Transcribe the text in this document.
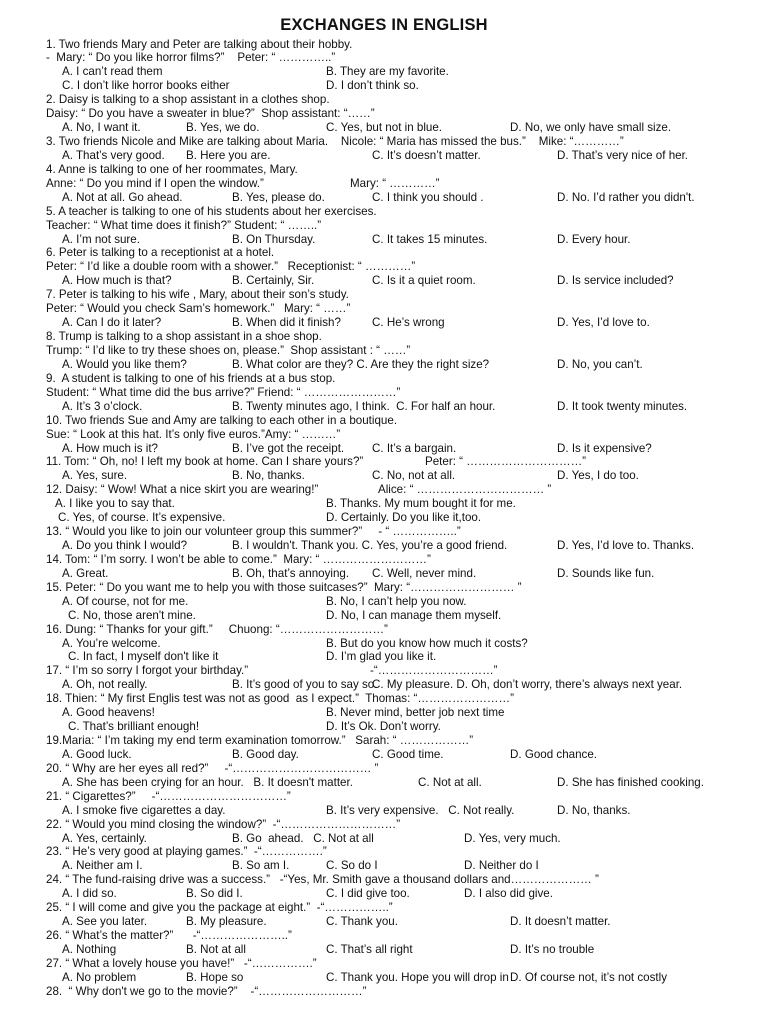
EXCHANGES IN ENGLISH
1. Two friends Mary and Peter are talking about their hobby.
-  Mary: “ Do you like horror films?”    Peter: “ …………..”
A. I can’t read them	B. They are my favorite.
C. I don’t like horror books either	D. I don’t think so.
2. Daisy is talking to a shop assistant in a clothes shop.
Daisy: “ Do you have a sweater in blue?”  Shop assistant: “……”
A. No, I want it.	B. Yes, we do.	C. Yes, but not in blue.	D. No, we only have small size.
3. Two friends Nicole and Mike are talking about Maria.    Nicole: “ Maria has missed the bus.”    Mike: “…………”
A. That’s very good. B. Here you are.	C. It’s doesn’t matter.	D. That’s very nice of her.
4. Anne is talking to one of her roommates, Mary.
Anne: “ Do you mind if I open the window.”	Mary: “ …………”
A. Not at all. Go ahead.	B. Yes, please do.	C. I think you should .	D. No. I’d rather you didn't.
5. A teacher is talking to one of his students about her exercises.
Teacher: “ What time does it finish?” Student: “ ……..”
A. I’m not sure.	B. On Thursday.	C. It takes 15 minutes.	D. Every hour.
6. Peter is talking to a receptionist at a hotel.
Peter: “ I’d like a double room with a shower.”   Receptionist: “ …………”
A. How much is that?	B. Certainly, Sir.	C. Is it a quiet room.	D. Is service included?
7. Peter is talking to his wife , Mary, about their son’s study.
Peter: “ Would you check Sam’s homework.”   Mary: “ ……”
A. Can I do it later?	B. When did it finish?	C. He’s wrong	D. Yes, I’d love to.
8. Trump is talking to a shop assistant in a shoe shop.
Trump: “ I’d like to try these shoes on, please.”  Shop assistant : “ ……”
A. Would you like them?	B. What color are they? C. Are they the right size?	D. No, you can’t.
9.  A student is talking to one of his friends at a bus stop.
Student: “ What time did the bus arrive?” Friend: “ ……………………”
A. It’s 3 o’clock.	B. Twenty minutes ago, I think.  C. For half an hour.	D. It took twenty minutes.
10. Two friends Sue and Amy are talking to each other in a boutique.
Sue: “ Look at this hat. It’s only five euros.”Amy: “ ………”
A. How much is it?	B. I’ve got the receipt. C. It’s a bargain.	D. Is it expensive?
11. Tom: “ Oh, no! I left my book at home. Can I share yours?”	Peter: “ …………………………”
A. Yes, sure.	B. No, thanks.	C. No, not at all.	D. Yes, I do too.
12. Daisy: “ Wow! What a nice skirt you are wearing!”	Alice: “ …………………………… ”
A. I like you to say that.	B. Thanks. My mum bought it for me.
C. Yes, of course. It’s expensive.	D. Certainly. Do you like it,too.
13. “ Would you like to join our volunteer group this summer?”     - “ ……………..”
A. Do you think I would?	B. I wouldn't. Thank you. C. Yes, you’re a good friend.	D. Yes, I’d love to. Thanks.
14. Tom: “ I’m sorry. I won’t be able to come.”  Mary: “ ………………………”
A. Great.	B. Oh, that’s annoying. C. Well, never mind.	D. Sounds like fun.
15. Peter: “ Do you want me to help you with those suitcases?”  Mary: “……………………… ”
A. Of course, not for me.	B. No, I can’t help you now.
C. No, those aren't mine.	D. No, I can manage them myself.
16. Dung: “ Thanks for your gift.”     Chuong: “………………………”
A. You’re welcome.	B. But do you know how much it costs?
C. In fact, I myself don't like it	D. I’m glad you like it.
17. “ I’m so sorry I forgot your birthday.”	-“…………………………”
A. Oh, not really.	B. It’s good of you to say so.
C. My pleasure. D. Oh, don’t worry, there’s always next year.
18. Thien: “ My first Englis test was not as good  as I expect.”  Thomas: “……………………”
A. Good heavens!	B. Never mind, better job next time
C. That’s brilliant enough!	D. It’s Ok. Don’t worry.
19.Maria: “ I’m taking my end term examination tomorrow.”   Sarah: “ ………………”
A. Good luck.	B. Good day.	C. Good time.	D. Good chance.
20. “ Why are her eyes all red?”     -“……………………………… ”
A. She has been crying for an hour.   B. It doesn't matter.	C. Not at all.	D. She has finished cooking.
21. “ Cigarettes?”     -“……………………………”
A. I smoke five cigarettes a day.	B. It’s very expensive.   C. Not really.	D. No, thanks.
22. “ Would you mind closing the window?”  -“…………………………”
A. Yes, certainly.	B. Go  ahead.   C. Not at all	D. Yes, very much.
23. “ He’s very good at playing games.”  -“…………….”
A. Neither am I.	B. So am I.	C. So do I	D. Neither do I
24. “ The fund-raising drive was a success.”   -“Yes, Mr. Smith gave a thousand dollars and………………… ”
A. I did so.	B. So did I.	C. I did give too.	D. I also did give.
25. “ I will come and give you the package at eight.”  -“……………..”
A. See you later.	B. My pleasure.	C. Thank you.	D. It doesn’t matter.
26. “ What’s the matter?”      -“…………………..”
A. Nothing	B. Not at all	C. That’s all right	D. It’s no trouble
27. “ What a lovely house you have!”   -“…………….”
A. No problem	B. Hope so	C. Thank you. Hope you will drop in D. Of course not, it’s not costly
28.  “ Why don't we go to the movie?”    -“………………………”
